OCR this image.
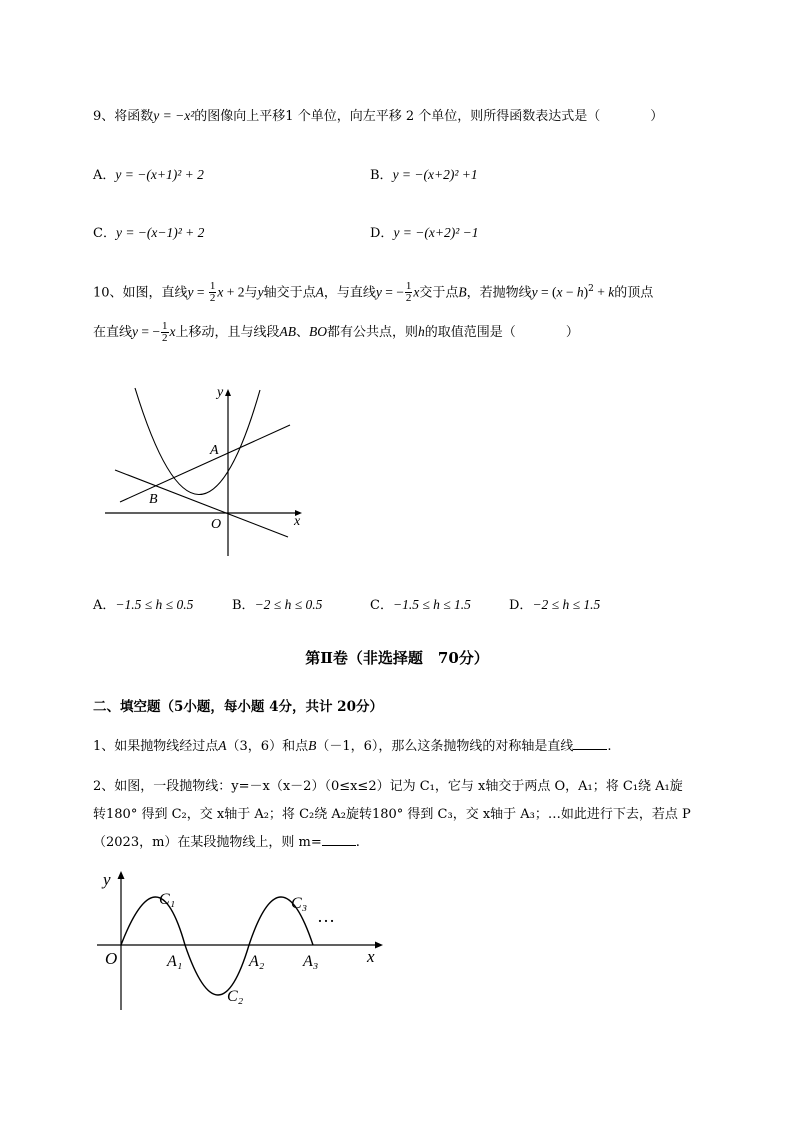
9、将函数y = −x²的图像向上平移1 个单位，向左平移 2 个单位，则所得函数表达式是（	）
A．y = −(x+1)² + 2	B．y = −(x+2)² +1
C．y = −(x−1)² + 2	D．y = −(x+2)² −1
10、如图，直线$y = \frac{1}{2}$ x + 2与y轴交于点A，与直线y = − $\frac{1}{2}$ x交于点B，若抛物线$y = (x - h)^2 + k$的顶点
在直线y = − $\frac{1}{2}$ x上移动，且与线段AB、BO都有公共点，则h的取值范围是（	）
y
x
A
B
O
A．−1.5 ≤ h ≤ 0.5	B．−2 ≤ h ≤ 0.5	C．−1.5 ≤ h ≤ 1.5	D．−2 ≤ h ≤ 1.5
第Ⅱ卷（非选择题　70分）
二、填空题（5小题，每小题 4分，共计 20分）
1、如果抛物线经过点A（3，6）和点B（－1，6），那么这条抛物线的对称轴是直线	.
2、如图，一段抛物线：y=－x（x－2）（0≤x≤2）记为 C₁，它与 x轴交于两点 O，A₁；将 C₁绕 A₁旋
转180° 得到 C₂，交 x轴于 A₂；将 C₂绕 A₂旋转180° 得到 C₃，交 x轴于 A₃；…如此进行下去，若点 P
（2023，m）在某段抛物线上，则 m=	.
y
x
O
C₁
C₂
C₃
A₁	A₂ A₃
…
